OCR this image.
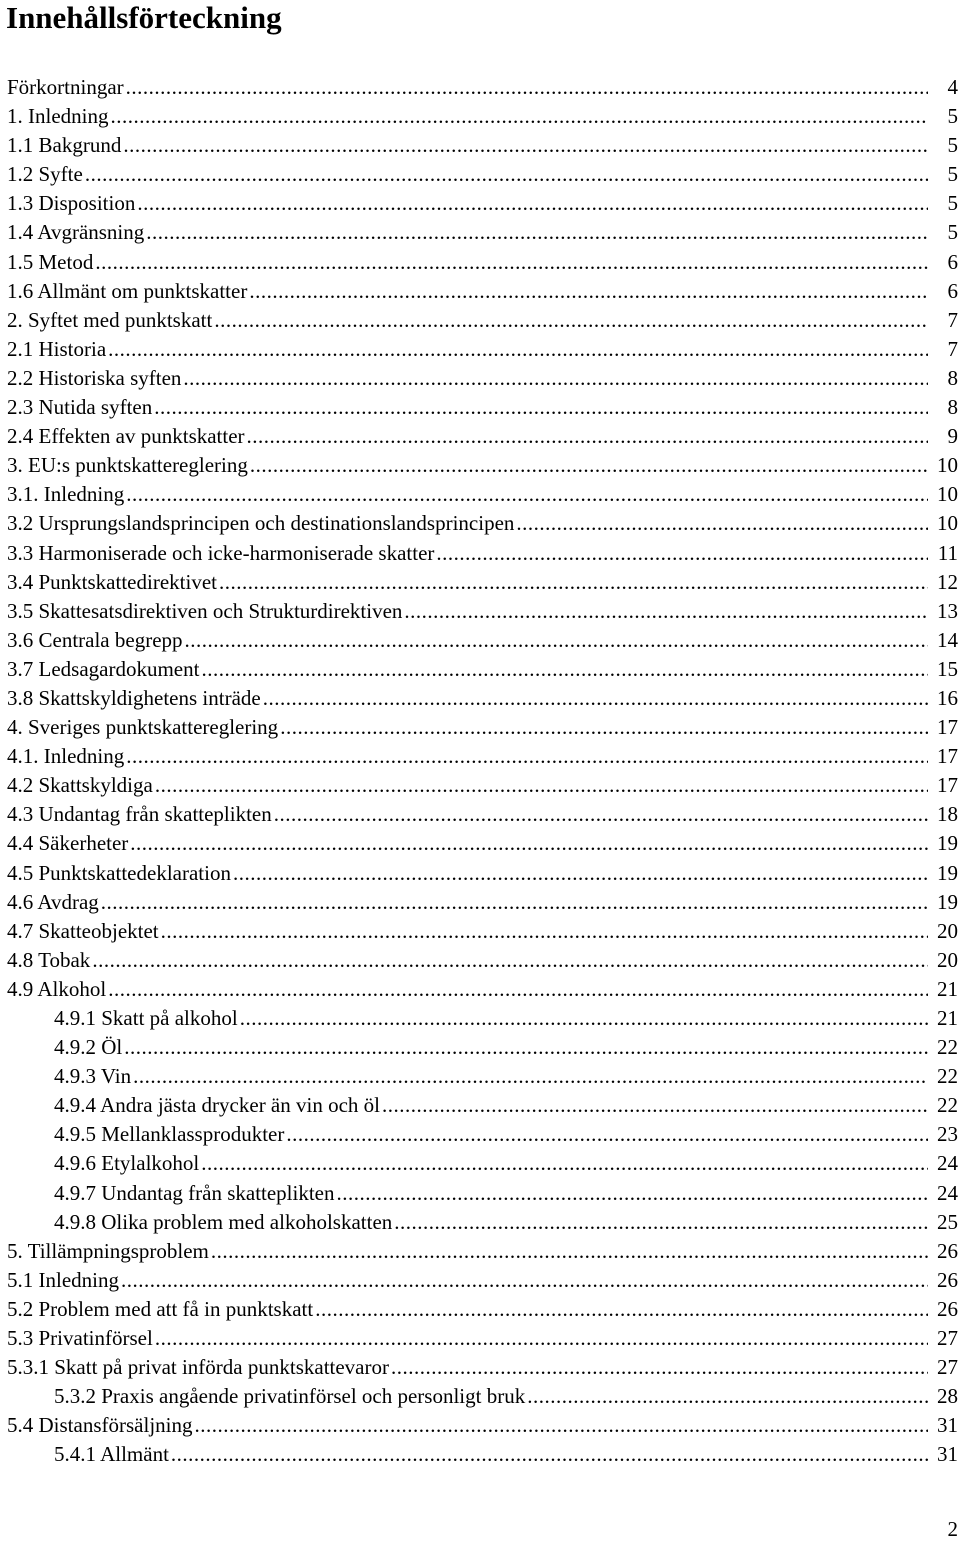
Innehållsförteckning
Förkortningar .....	4
1. Inledning .....	5
1.1 Bakgrund .....	5
1.2 Syfte .....	5
1.3 Disposition .....	5
1.4 Avgränsning .....	5
1.5 Metod .....	6
1.6 Allmänt om punktskatter .....	6
2. Syftet med punktskatt .....	7
2.1 Historia .....	7
2.2 Historiska syften .....	8
2.3 Nutida syften .....	8
2.4 Effekten av punktskatter .....	9
3. EU:s punktskattereglering .....	10
3.1. Inledning .....	10
3.2 Ursprungslandsprincipen och destinationslandsprincipen .....	10
3.3 Harmoniserade och icke-harmoniserade skatter .....	11
3.4 Punktskattedirektivet .....	12
3.5 Skattesatsdirektiven och Strukturdirektiven .....	13
3.6 Centrala begrepp .....	14
3.7 Ledsagardokument .....	15
3.8 Skattskyldighetens inträde .....	16
4. Sveriges punktskattereglering .....	17
4.1. Inledning .....	17
4.2 Skattskyldiga .....	17
4.3 Undantag från skatteplikten .....	18
4.4 Säkerheter .....	19
4.5 Punktskattedeklaration .....	19
4.6 Avdrag .....	19
4.7 Skatteobjektet .....	20
4.8 Tobak .....	20
4.9 Alkohol .....	21
4.9.1 Skatt på alkohol .....	21
4.9.2 Öl .....	22
4.9.3 Vin .....	22
4.9.4 Andra jästa drycker än vin och öl .....	22
4.9.5 Mellanklassprodukter .....	23
4.9.6 Etylalkohol .....	24
4.9.7 Undantag från skatteplikten .....	24
4.9.8 Olika problem med alkoholskatten .....	25
5. Tillämpningsproblem .....	26
5.1 Inledning .....	26
5.2 Problem med att få in punktskatt .....	26
5.3 Privatinförsel .....	27
5.3.1 Skatt på privat införda punktskattevaror .....	27
5.3.2 Praxis angående privatinförsel och personligt bruk .....	28
5.4 Distansförsäljning .....	31
5.4.1 Allmänt .....	31
2
